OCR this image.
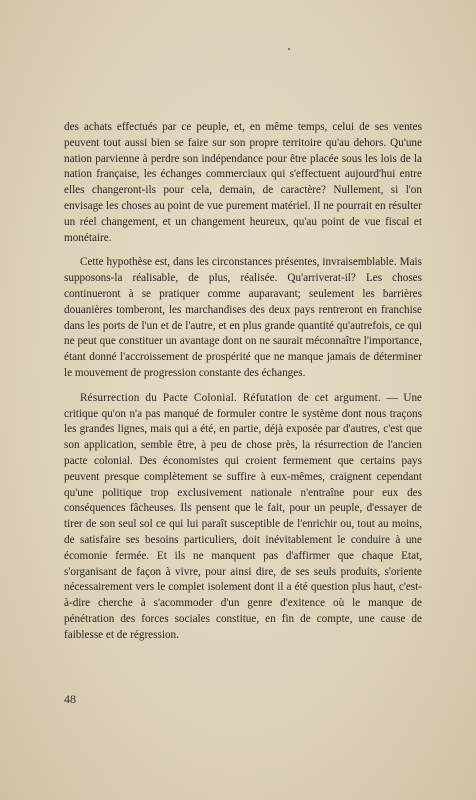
des achats effectués par ce peuple, et, en même temps, celui de ses ventes peuvent tout aussi bien se faire sur son propre territoire qu'au dehors. Qu'une nation parvienne à perdre son indépendance pour être placée sous les lois de la nation française, les échanges commerciaux qui s'effectuent aujourd'hui entre elles changeront-ils pour cela, demain, de caractère? Nullement, si l'on envisage les choses au point de vue purement matériel. Il ne pourrait en résulter un réel changement, et un changement heureux, qu'au point de vue fiscal et monétaire.

Cette hypothèse est, dans les circonstances présentes, invraisemblable. Mais supposons-la réalisable, de plus, réalisée. Qu'arriverat-il? Les choses continueront à se pratiquer comme auparavant; seulement les barrières douanières tomberont, les marchandises des deux pays rentreront en franchise dans les ports de l'un et de l'autre, et en plus grande quantité qu'autrefois, ce qui ne peut que constituer un avantage dont on ne saurait méconnaître l'importance, étant donné l'accroissement de prospérité que ne manque jamais de déterminer le mouvement de progression constante des échanges.

Résurrection du Pacte Colonial. Réfutation de cet argument. — Une critique qu'on n'a pas manqué de formuler contre le système dont nous traçons les grandes lignes, mais qui a été, en partie, déjà exposée par d'autres, c'est que son application, semble être, à peu de chose près, la résurrection de l'ancien pacte colonial. Des économistes qui croient fermement que certains pays peuvent presque complètement se suffire à eux-mêmes, craignent cependant qu'une politique trop exclusivement nationale n'entraîne pour eux des conséquences fâcheuses. Ils pensent que le fait, pour un peuple, d'essayer de tirer de son seul sol ce qui lui paraît susceptible de l'enrichir ou, tout au moins, de satisfaire ses besoins particuliers, doit inévitablement le conduire à une écomonie fermée. Et ils ne manquent pas d'affirmer que chaque Etat, s'organisant de façon à vivre, pour ainsi dire, de ses seuls produits, s'oriente nécessairement vers le complet isolement dont il a été question plus haut, c'est-à-dire cherche à s'acommoder d'un genre d'exitence où le manque de pénétration des forces sociales constitue, en fin de compte, une cause de faiblesse et de régression.

48
